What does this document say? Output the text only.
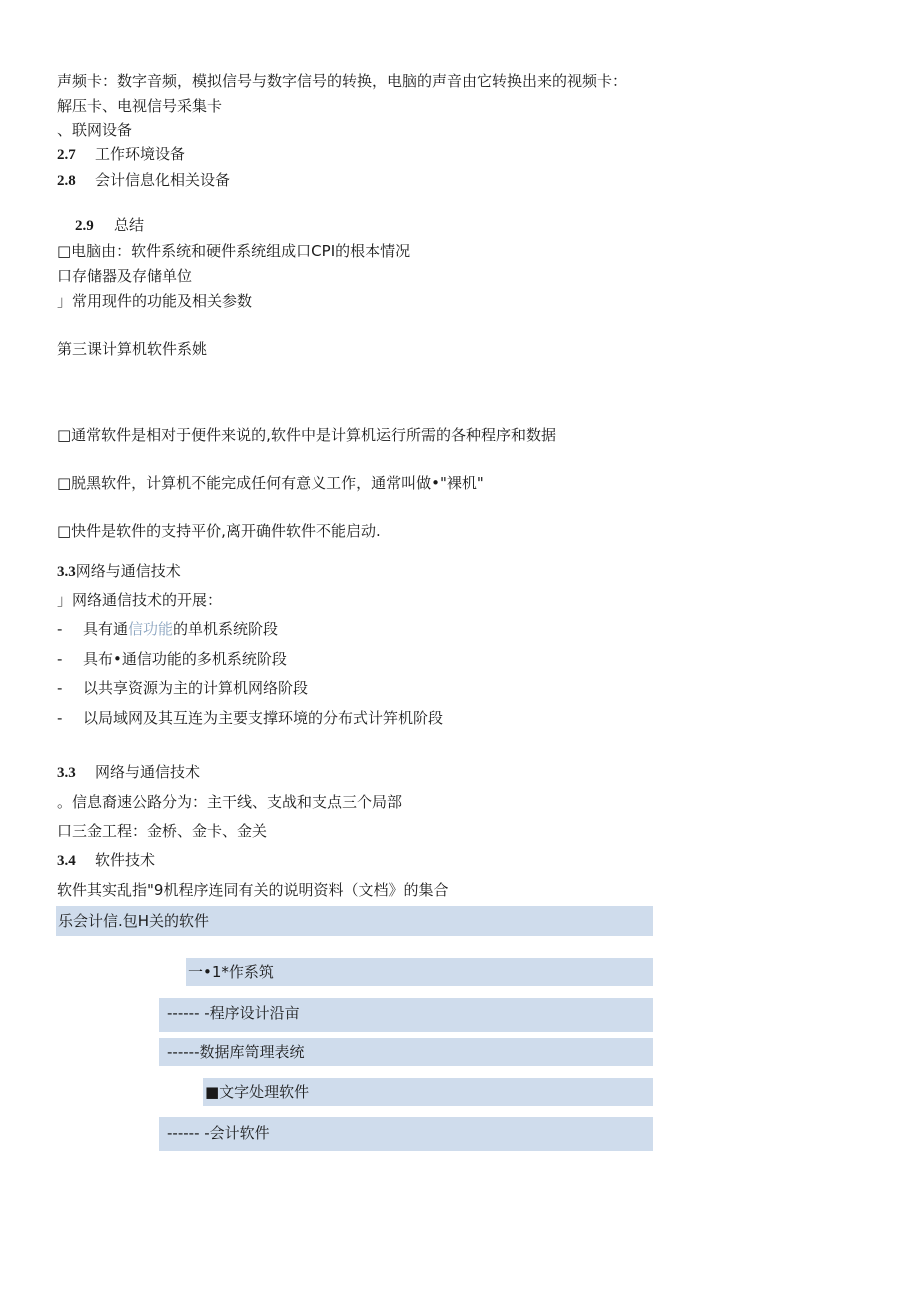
声频卡：数字音频，模拟信号与数字信号的转换，电脑的声音由它转换出来的视频卡：
解压卡、电视信号采集卡
、联网设备
2.7 工作环境设备
2.8 会计信息化相关设备
2.9 总结
□电脑由：软件系统和硬件系统组成口CPI的根本情况
口存储器及存储单位
」常用现件的功能及相关参数
第三课计算机软件系姚
□通常软件是相对于便件来说的,软件中是计算机运行所需的各种程序和数据
□脱黑软件，计算机不能完成任何有意义工作，通常叫做•"裸机"
□快件是软件的支持平价,离开确件软件不能启动.
3.3网络与通信技术
」网络通信技术的开展：
- 具有通信功能的单机系统阶段
- 具布•通信功能的多机系统阶段
- 以共享资源为主的计算机网络阶段
- 以局域网及其互连为主要支撑环境的分布式计笄机阶段
3.3 网络与通信技术
。信息裔速公路分为：主干线、支战和支点三个局部
口三金工程：金桥、金卡、金关
3.4 软件技术
软件其实乱指"9机程序连同有关的说明资料（文档》的集合
乐会计信.包H关的软件
一•1*作系筑
------ -程序设计沿亩
------数据库笥理表统
■文字处理软件
------ -会计软件
